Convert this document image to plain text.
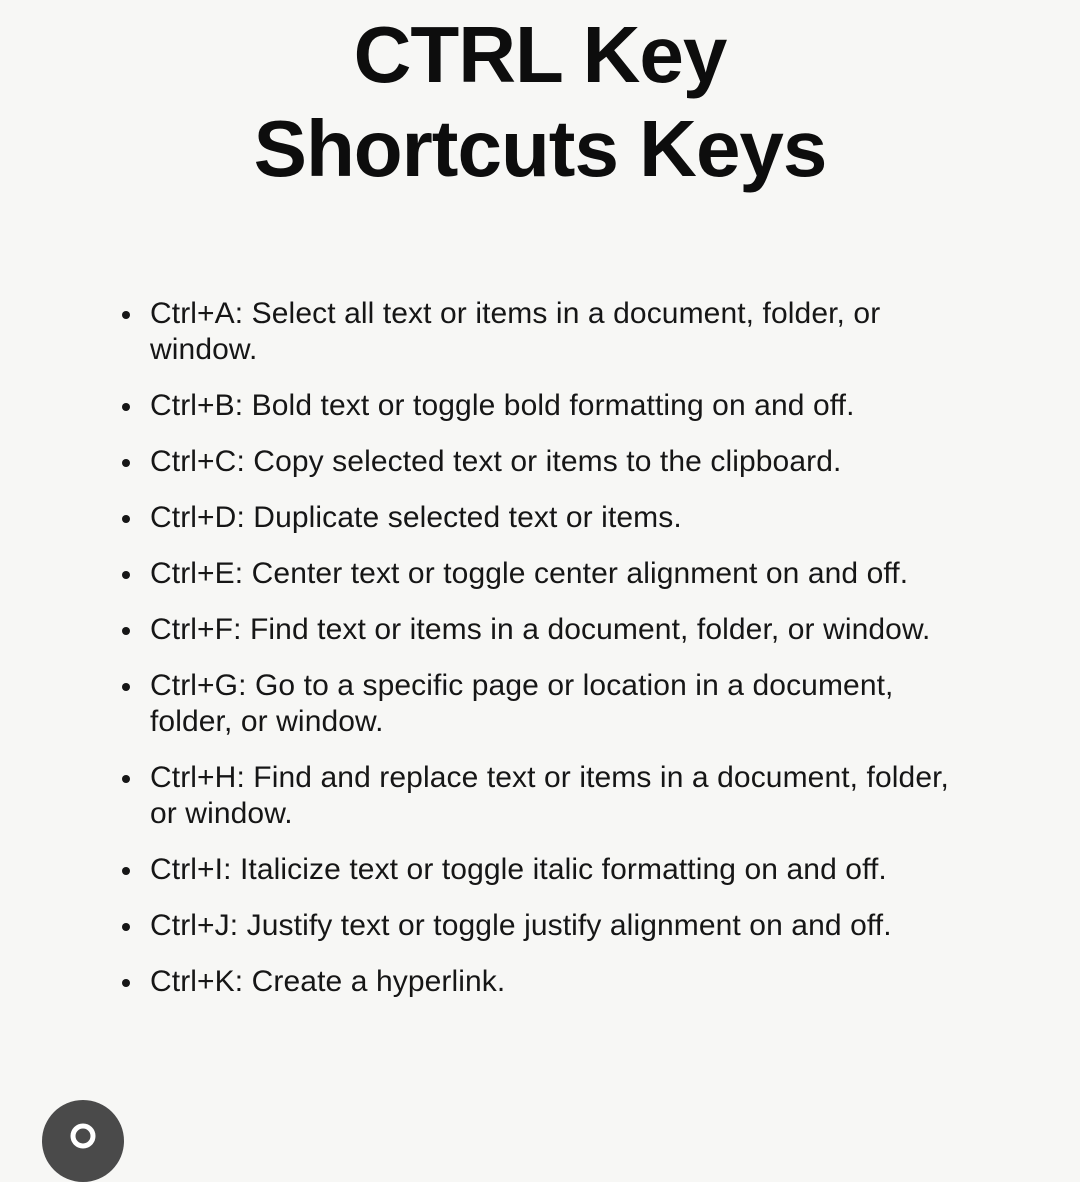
CTRL Key
Shortcuts Keys
Ctrl+A: Select all text or items in a document, folder, or window.
Ctrl+B: Bold text or toggle bold formatting on and off.
Ctrl+C: Copy selected text or items to the clipboard.
Ctrl+D: Duplicate selected text or items.
Ctrl+E: Center text or toggle center alignment on and off.
Ctrl+F: Find text or items in a document, folder, or window.
Ctrl+G: Go to a specific page or location in a document, folder, or window.
Ctrl+H: Find and replace text or items in a document, folder, or window.
Ctrl+I: Italicize text or toggle italic formatting on and off.
Ctrl+J: Justify text or toggle justify alignment on and off.
Ctrl+K: Create a hyperlink.
